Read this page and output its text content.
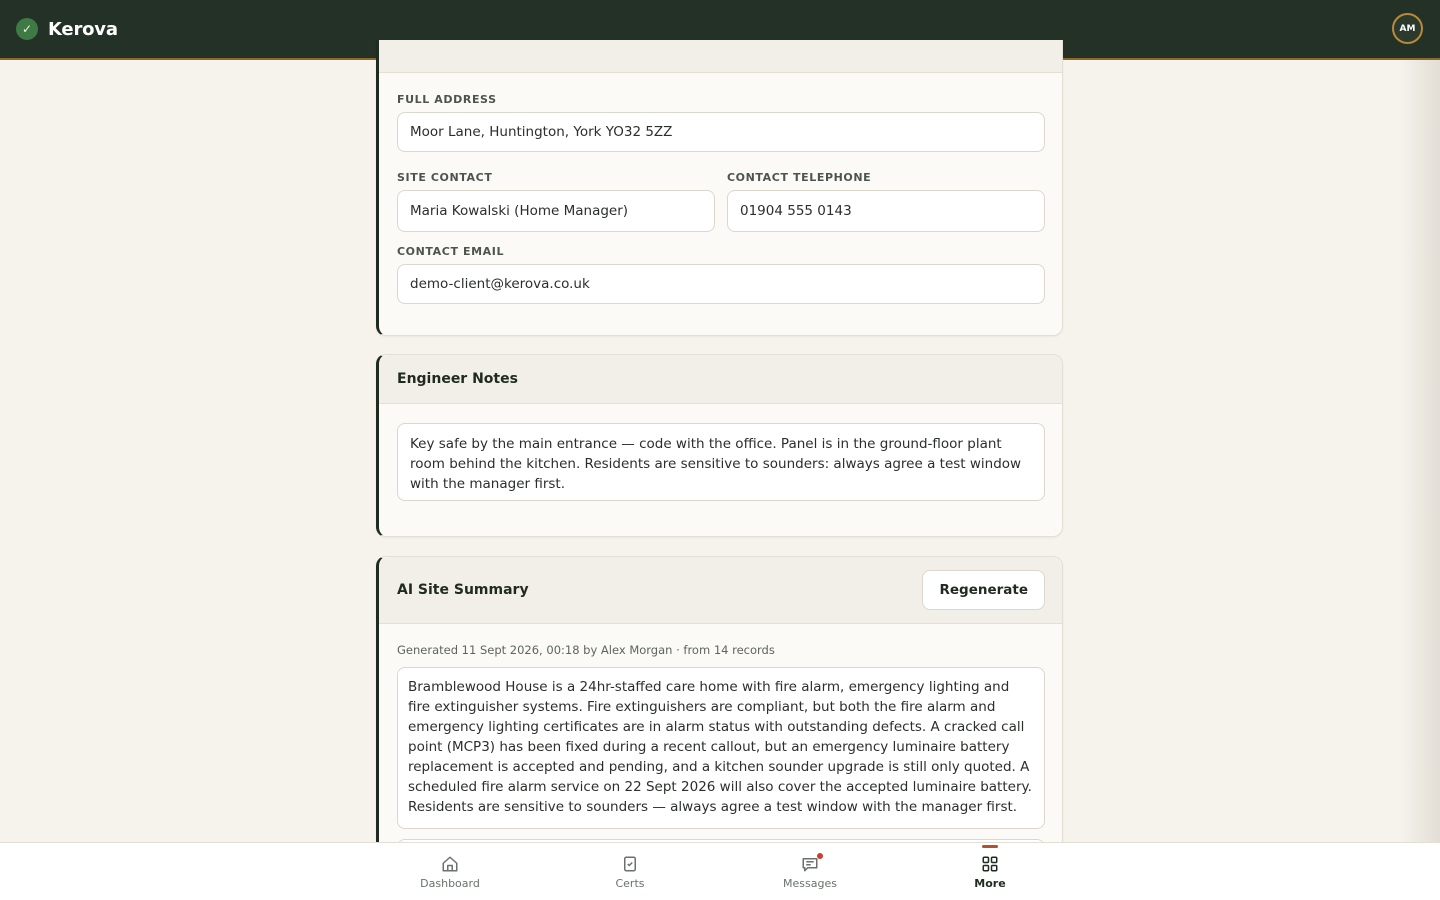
✓ Kerova	AM
FULL ADDRESS
Moor Lane, Huntington, York YO32 5ZZ
SITE CONTACT
Maria Kowalski (Home Manager)
CONTACT TELEPHONE
01904 555 0143
CONTACT EMAIL
demo-client@kerova.co.uk
Engineer Notes
Key safe by the main entrance — code with the office. Panel is in the ground-floor plant room behind the kitchen. Residents are sensitive to sounders: always agree a test window with the manager first.
AI Site Summary	Regenerate
Generated 11 Sept 2026, 00:18 by Alex Morgan · from 14 records
Bramblewood House is a 24hr-staffed care home with fire alarm, emergency lighting and fire extinguisher systems. Fire extinguishers are compliant, but both the fire alarm and emergency lighting certificates are in alarm status with outstanding defects. A cracked call point (MCP3) has been fixed during a recent callout, but an emergency luminaire battery replacement is accepted and pending, and a kitchen sounder upgrade is still only quoted. A scheduled fire alarm service on 22 Sept 2026 will also cover the accepted luminaire battery. Residents are sensitive to sounders — always agree a test window with the manager first.
Dashboard	Certs	Messages	More
